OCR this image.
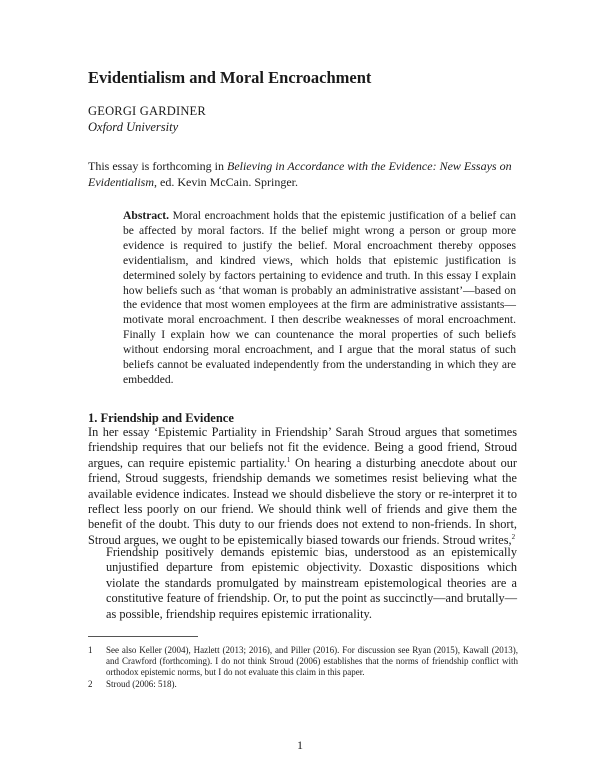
Evidentialism and Moral Encroachment
GEORGI GARDINER
Oxford University
This essay is forthcoming in Believing in Accordance with the Evidence: New Essays on Evidentialism, ed. Kevin McCain. Springer.
Abstract. Moral encroachment holds that the epistemic justification of a belief can be affected by moral factors. If the belief might wrong a person or group more evidence is required to justify the belief. Moral encroachment thereby opposes evidentialism, and kindred views, which holds that epistemic justification is determined solely by factors pertaining to evidence and truth. In this essay I explain how beliefs such as ‘that woman is probably an administrative assistant’—based on the evidence that most women employees at the firm are administrative assistants—motivate moral encroachment. I then describe weaknesses of moral encroachment. Finally I explain how we can countenance the moral properties of such beliefs without endorsing moral encroachment, and I argue that the moral status of such beliefs cannot be evaluated independently from the understanding in which they are embedded.
1. Friendship and Evidence
In her essay ‘Epistemic Partiality in Friendship’ Sarah Stroud argues that sometimes friendship requires that our beliefs not fit the evidence. Being a good friend, Stroud argues, can require epistemic partiality.$^1$ On hearing a disturbing anecdote about our friend, Stroud suggests, friendship demands we sometimes resist believing what the available evidence indicates. Instead we should disbelieve the story or re-interpret it to reflect less poorly on our friend. We should think well of friends and give them the benefit of the doubt. This duty to our friends does not extend to non-friends. In short, Stroud argues, we ought to be epistemically biased towards our friends. Stroud writes,$^2$
Friendship positively demands epistemic bias, understood as an epistemically unjustified departure from epistemic objectivity. Doxastic dispositions which violate the standards promulgated by mainstream epistemological theories are a constitutive feature of friendship. Or, to put the point as succinctly—and brutally—as possible, friendship requires epistemic irrationality.
1	See also Keller (2004), Hazlett (2013; 2016), and Piller (2016). For discussion see Ryan (2015), Kawall (2013), and Crawford (forthcoming). I do not think Stroud (2006) establishes that the norms of friendship conflict with orthodox epistemic norms, but I do not evaluate this claim in this paper.
2	Stroud (2006: 518).
1
